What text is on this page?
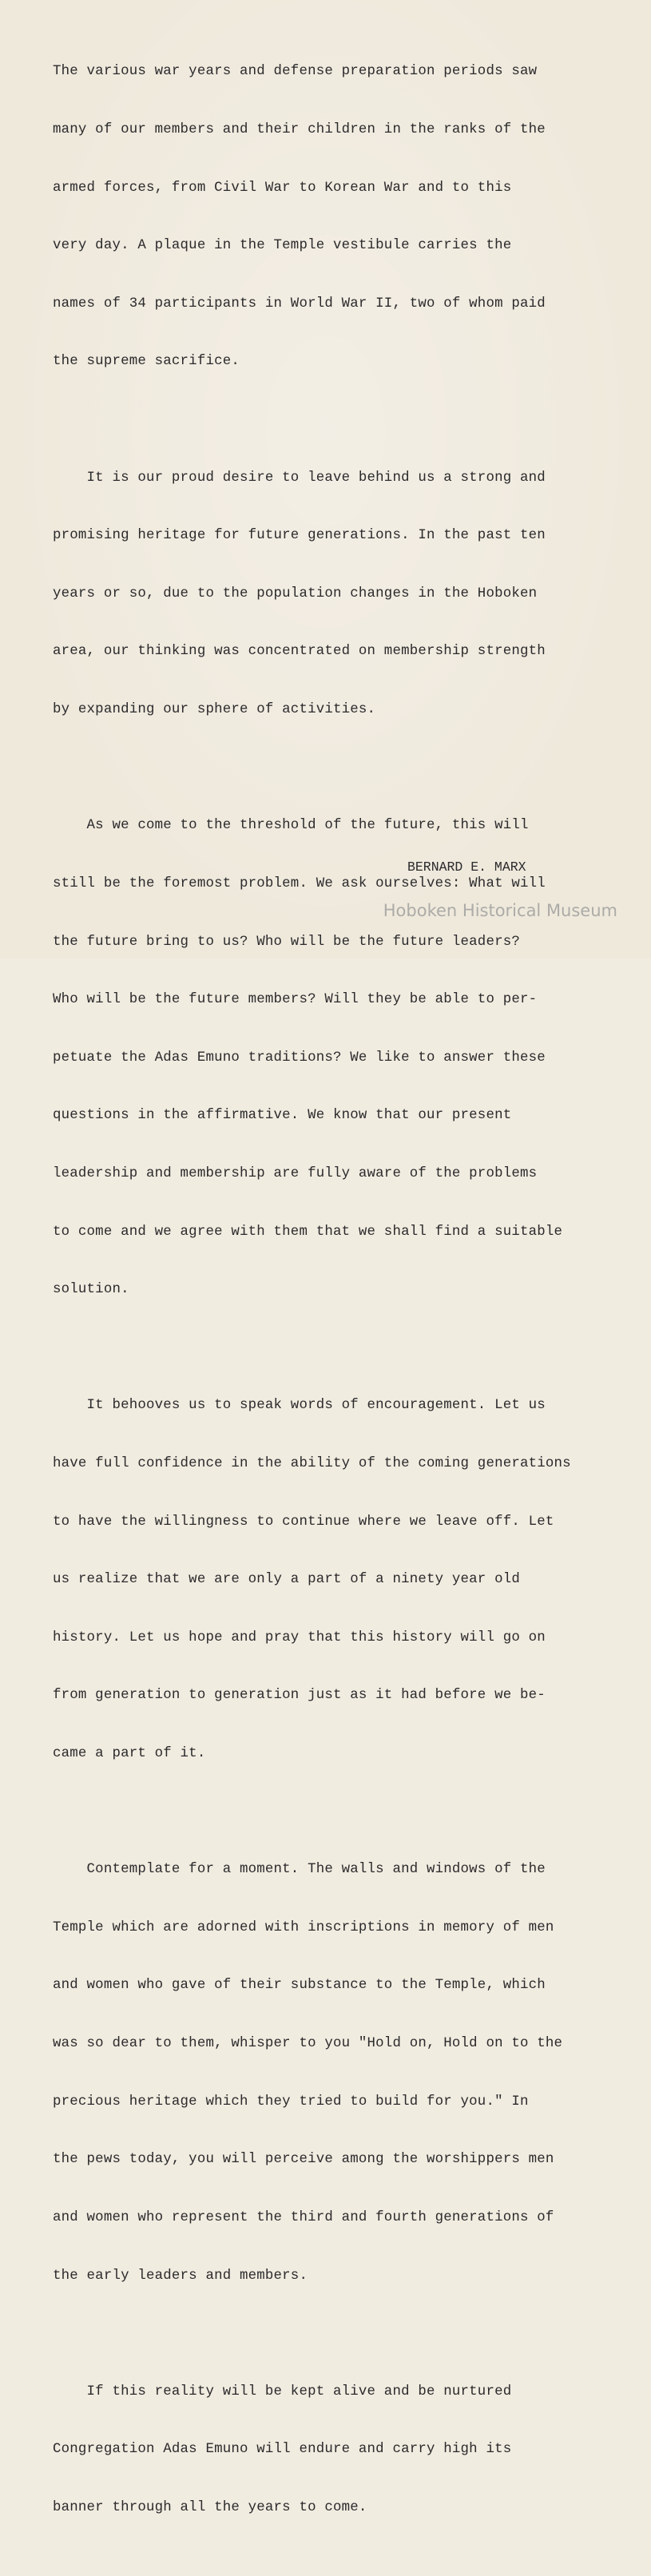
The various war years and defense preparation periods saw

many of our members and their children in the ranks of the

armed forces, from Civil War to Korean War and to this

very day. A plaque in the Temple vestibule carries the

names of 34 participants in World War II, two of whom paid

the supreme sacrifice.

It is our proud desire to leave behind us a strong and

promising heritage for future generations. In the past ten

years or so, due to the population changes in the Hoboken

area, our thinking was concentrated on membership strength

by expanding our sphere of activities.

As we come to the threshold of the future, this will

still be the foremost problem. We ask ourselves: What will

the future bring to us? Who will be the future leaders?

Who will be the future members? Will they be able to per-

petuate the Adas Emuno traditions? We like to answer these

questions in the affirmative. We know that our present

leadership and membership are fully aware of the problems

to come and we agree with them that we shall find a suitable

solution.

It behooves us to speak words of encouragement. Let us

have full confidence in the ability of the coming generations

to have the willingness to continue where we leave off. Let

us realize that we are only a part of a ninety year old

history. Let us hope and pray that this history will go on

from generation to generation just as it had before we be-

came a part of it.

Contemplate for a moment. The walls and windows of the

Temple which are adorned with inscriptions in memory of men

and women who gave of their substance to the Temple, which

was so dear to them, whisper to you "Hold on, Hold on to the

precious heritage which they tried to build for you." In

the pews today, you will perceive among the worshippers men

and women who represent the third and fourth generations of

the early leaders and members.

If this reality will be kept alive and be nurtured

Congregation Adas Emuno will endure and carry high its

banner through all the years to come.

BERNARD E. MARX
Hoboken Historical Museum
